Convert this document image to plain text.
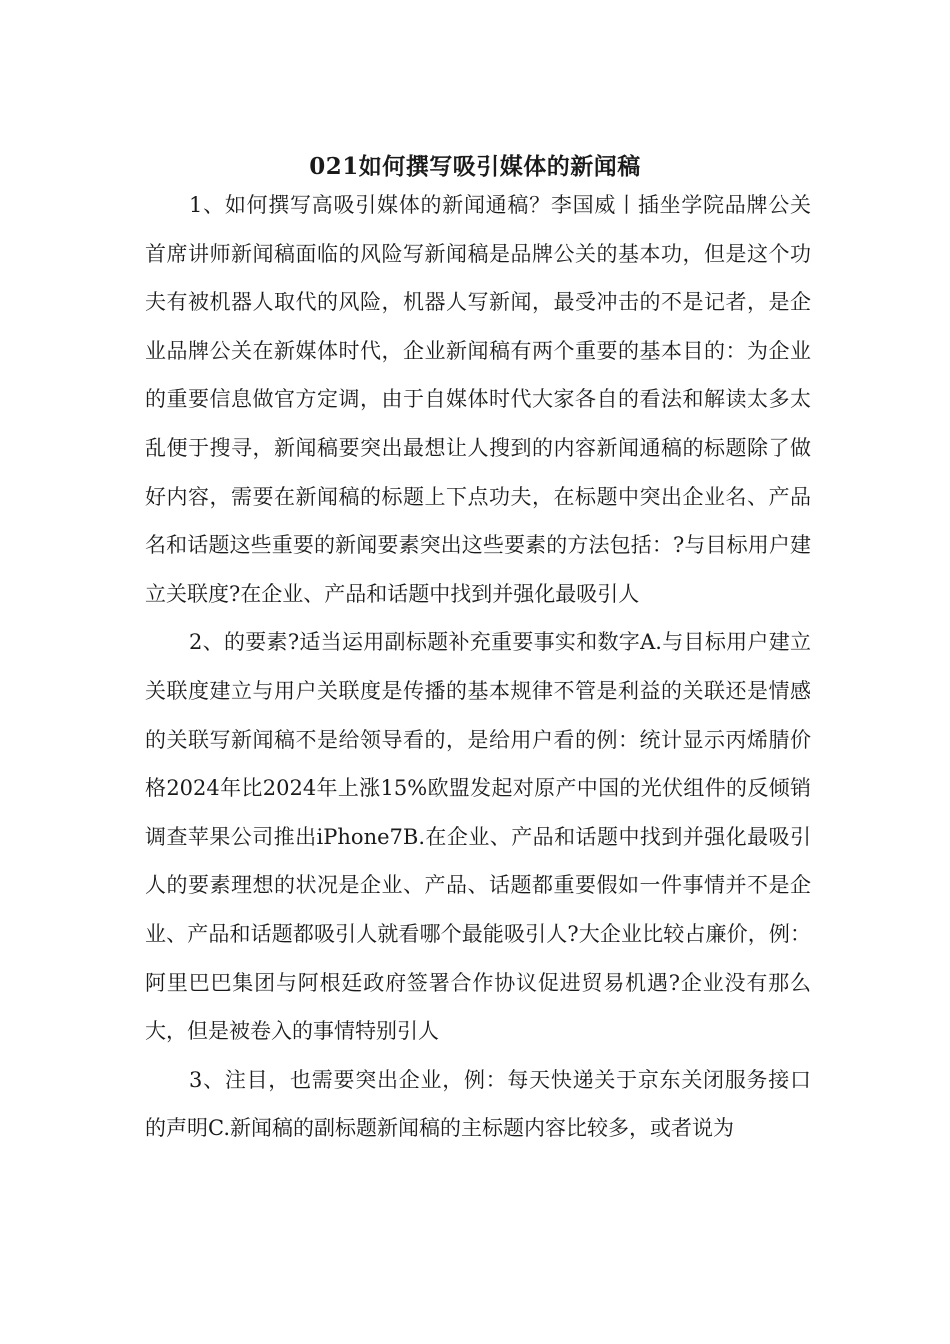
021如何撰写吸引媒体的新闻稿

1、如何撰写高吸引媒体的新闻通稿？李国威丨插坐学院品牌公关首席讲师新闻稿面临的风险写新闻稿是品牌公关的基本功，但是这个功夫有被机器人取代的风险，机器人写新闻，最受冲击的不是记者，是企业品牌公关在新媒体时代，企业新闻稿有两个重要的基本目的：为企业的重要信息做官方定调，由于自媒体时代大家各自的看法和解读太多太乱便于搜寻，新闻稿要突出最想让人搜到的内容新闻通稿的标题除了做好内容，需要在新闻稿的标题上下点功夫，在标题中突出企业名、产品名和话题这些重要的新闻要素突出这些要素的方法包括：?与目标用户建立关联度?在企业、产品和话题中找到并强化最吸引人

2、的要素?适当运用副标题补充重要事实和数字A.与目标用户建立关联度建立与用户关联度是传播的基本规律不管是利益的关联还是情感的关联写新闻稿不是给领导看的，是给用户看的例：统计显示丙烯腈价格2024年比2024年上涨15%欧盟发起对原产中国的光伏组件的反倾销调查苹果公司推出iPhone7B.在企业、产品和话题中找到并强化最吸引人的要素理想的状况是企业、产品、话题都重要假如一件事情并不是企业、产品和话题都吸引人就看哪个最能吸引人?大企业比较占廉价，例：阿里巴巴集团与阿根廷政府签署合作协议促进贸易机遇?企业没有那么大，但是被卷入的事情特别引人

3、注目，也需要突出企业，例：每天快递关于京东关闭服务接口的声明C.新闻稿的副标题新闻稿的主标题内容比较多，或者说为
